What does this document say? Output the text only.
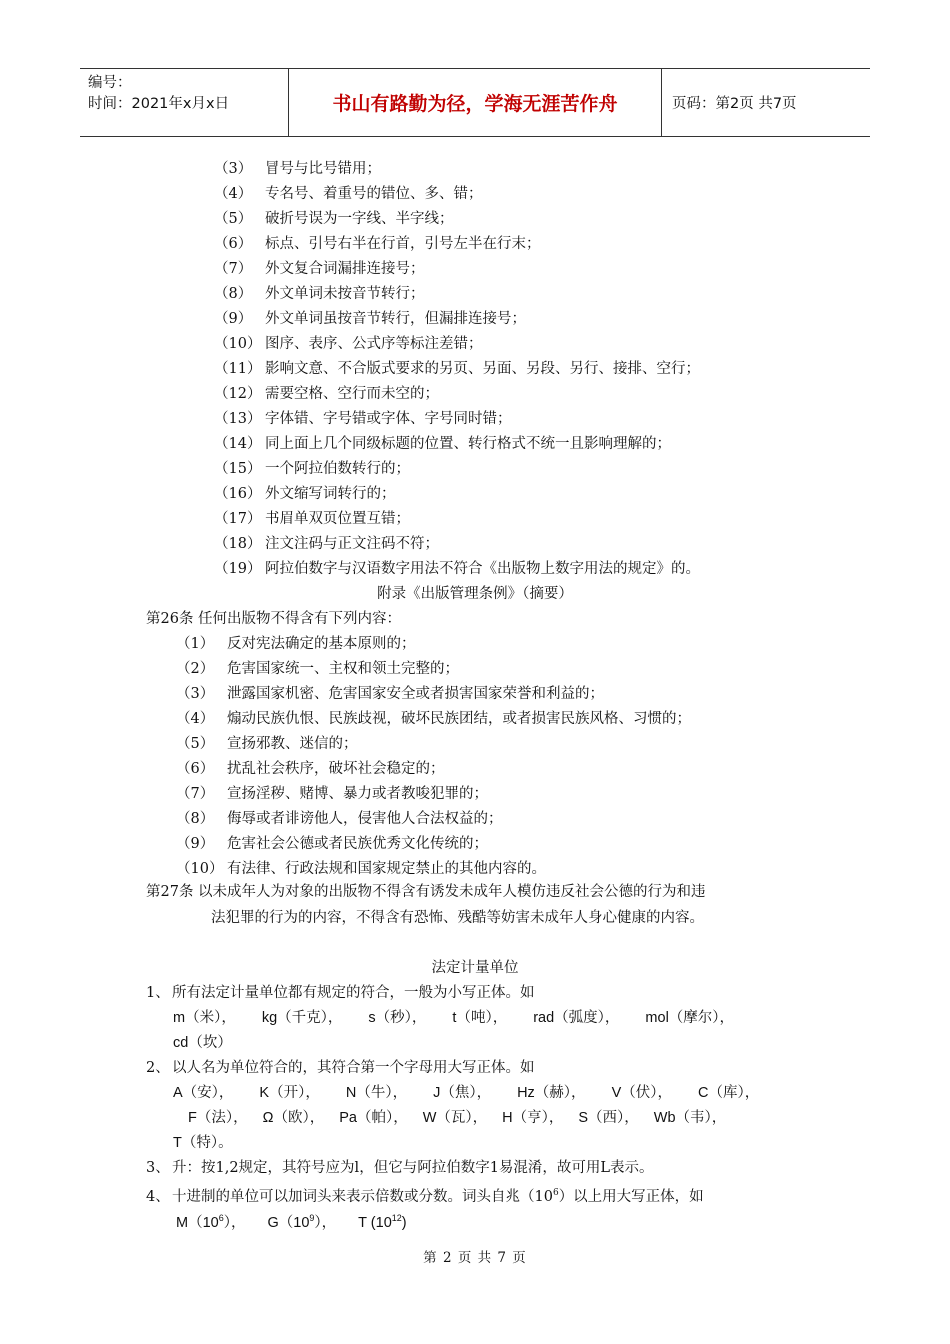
编号：
时间：2021年x月x日	书山有路勤为径，学海无涯苦作舟	页码：第2页 共7页
（3） 冒号与比号错用；
（4） 专名号、着重号的错位、多、错；
（5） 破折号误为一字线、半字线；
（6） 标点、引号右半在行首，引号左半在行末；
（7） 外文复合词漏排连接号；
（8） 外文单词未按音节转行；
（9） 外文单词虽按音节转行，但漏排连接号；
（10） 图序、表序、公式序等标注差错；
（11） 影响文意、不合版式要求的另页、另面、另段、另行、接排、空行；
（12） 需要空格、空行而未空的；
（13） 字体错、字号错或字体、字号同时错；
（14） 同上面上几个同级标题的位置、转行格式不统一且影响理解的；
（15） 一个阿拉伯数转行的；
（16） 外文缩写词转行的；
（17） 书眉单双页位置互错；
（18） 注文注码与正文注码不符；
（19） 阿拉伯数字与汉语数字用法不符合《出版物上数字用法的规定》的。
附录《出版管理条例》（摘要）
第26条 任何出版物不得含有下列内容：
（1） 反对宪法确定的基本原则的；
（2） 危害国家统一、主权和领土完整的；
（3） 泄露国家机密、危害国家安全或者损害国家荣誉和利益的；
（4） 煽动民族仇恨、民族歧视，破坏民族团结，或者损害民族风格、习惯的；
（5） 宣扬邪教、迷信的；
（6） 扰乱社会秩序，破坏社会稳定的；
（7） 宣扬淫秽、赌博、暴力或者教唆犯罪的；
（8） 侮辱或者诽谤他人，侵害他人合法权益的；
（9） 危害社会公德或者民族优秀文化传统的；
（10） 有法律、行政法规和国家规定禁止的其他内容的。
第27条 以未成年人为对象的出版物不得含有诱发未成年人模仿违反社会公德的行为和违
法犯罪的行为的内容，不得含有恐怖、残酷等妨害未成年人身心健康的内容。
法定计量单位
1、 所有法定计量单位都有规定的符合，一般为小写正体。如
m（米）， kg（千克）， s（秒）， t（吨）， rad（弧度）， mol（摩尔），
cd（坎）
2、 以人名为单位符合的，其符合第一个字母用大写正体。如
A（安）， K（开）， N（牛）， J（焦）， Hz（赫）， V（伏）， C（库），
F（法）， Ω（欧）， Pa（帕）， W（瓦）， H（亨）， S（西）， Wb（韦），
T（特）。
3、 升：按1,2规定，其符号应为l，但它与阿拉伯数字1易混淆，故可用L表示。
4、 十进制的单位可以加词头来表示倍数或分数。词头自兆$(10^6)$以上用大写正体，如
$M(10^6)$， $G(10^9)$， T $(10^{12})$
第 2 页 共 7 页
